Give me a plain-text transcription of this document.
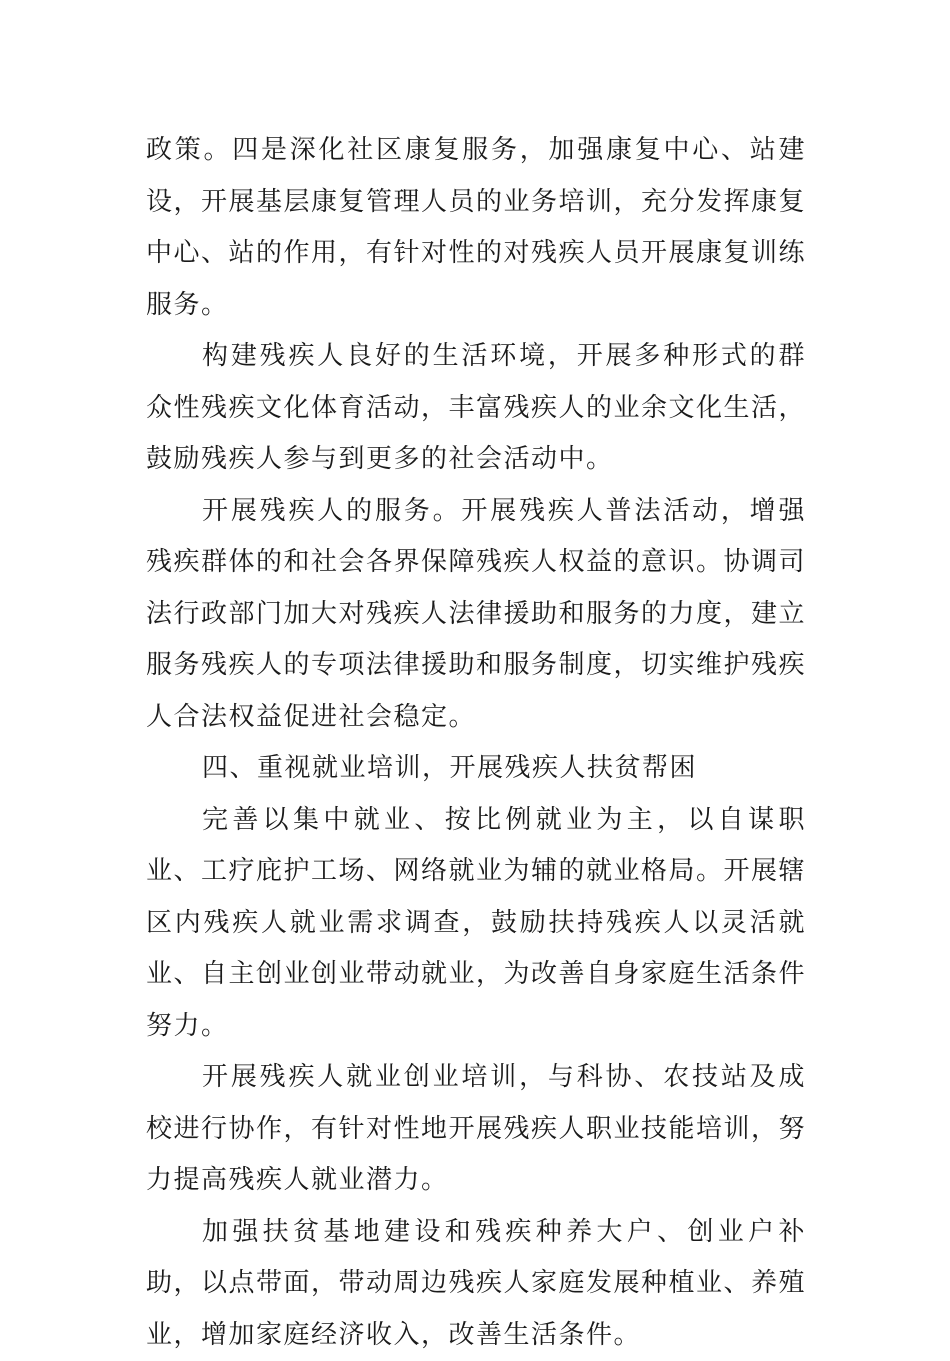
政策。四是深化社区康复服务，加强康复中心、站建设，开展基层康复管理人员的业务培训，充分发挥康复中心、站的作用，有针对性的对残疾人员开展康复训练服务。

构建残疾人良好的生活环境，开展多种形式的群众性残疾文化体育活动，丰富残疾人的业余文化生活，鼓励残疾人参与到更多的社会活动中。

开展残疾人的服务。开展残疾人普法活动，增强残疾群体的和社会各界保障残疾人权益的意识。协调司法行政部门加大对残疾人法律援助和服务的力度，建立服务残疾人的专项法律援助和服务制度，切实维护残疾人合法权益促进社会稳定。

四、重视就业培训，开展残疾人扶贫帮困

完善以集中就业、按比例就业为主，以自谋职业、工疗庇护工场、网络就业为辅的就业格局。开展辖区内残疾人就业需求调查，鼓励扶持残疾人以灵活就业、自主创业创业带动就业，为改善自身家庭生活条件努力。

开展残疾人就业创业培训，与科协、农技站及成校进行协作，有针对性地开展残疾人职业技能培训，努力提高残疾人就业潜力。

加强扶贫基地建设和残疾种养大户、创业户补助，以点带面，带动周边残疾人家庭发展种植业、养殖业，增加家庭经济收入，改善生活条件。
